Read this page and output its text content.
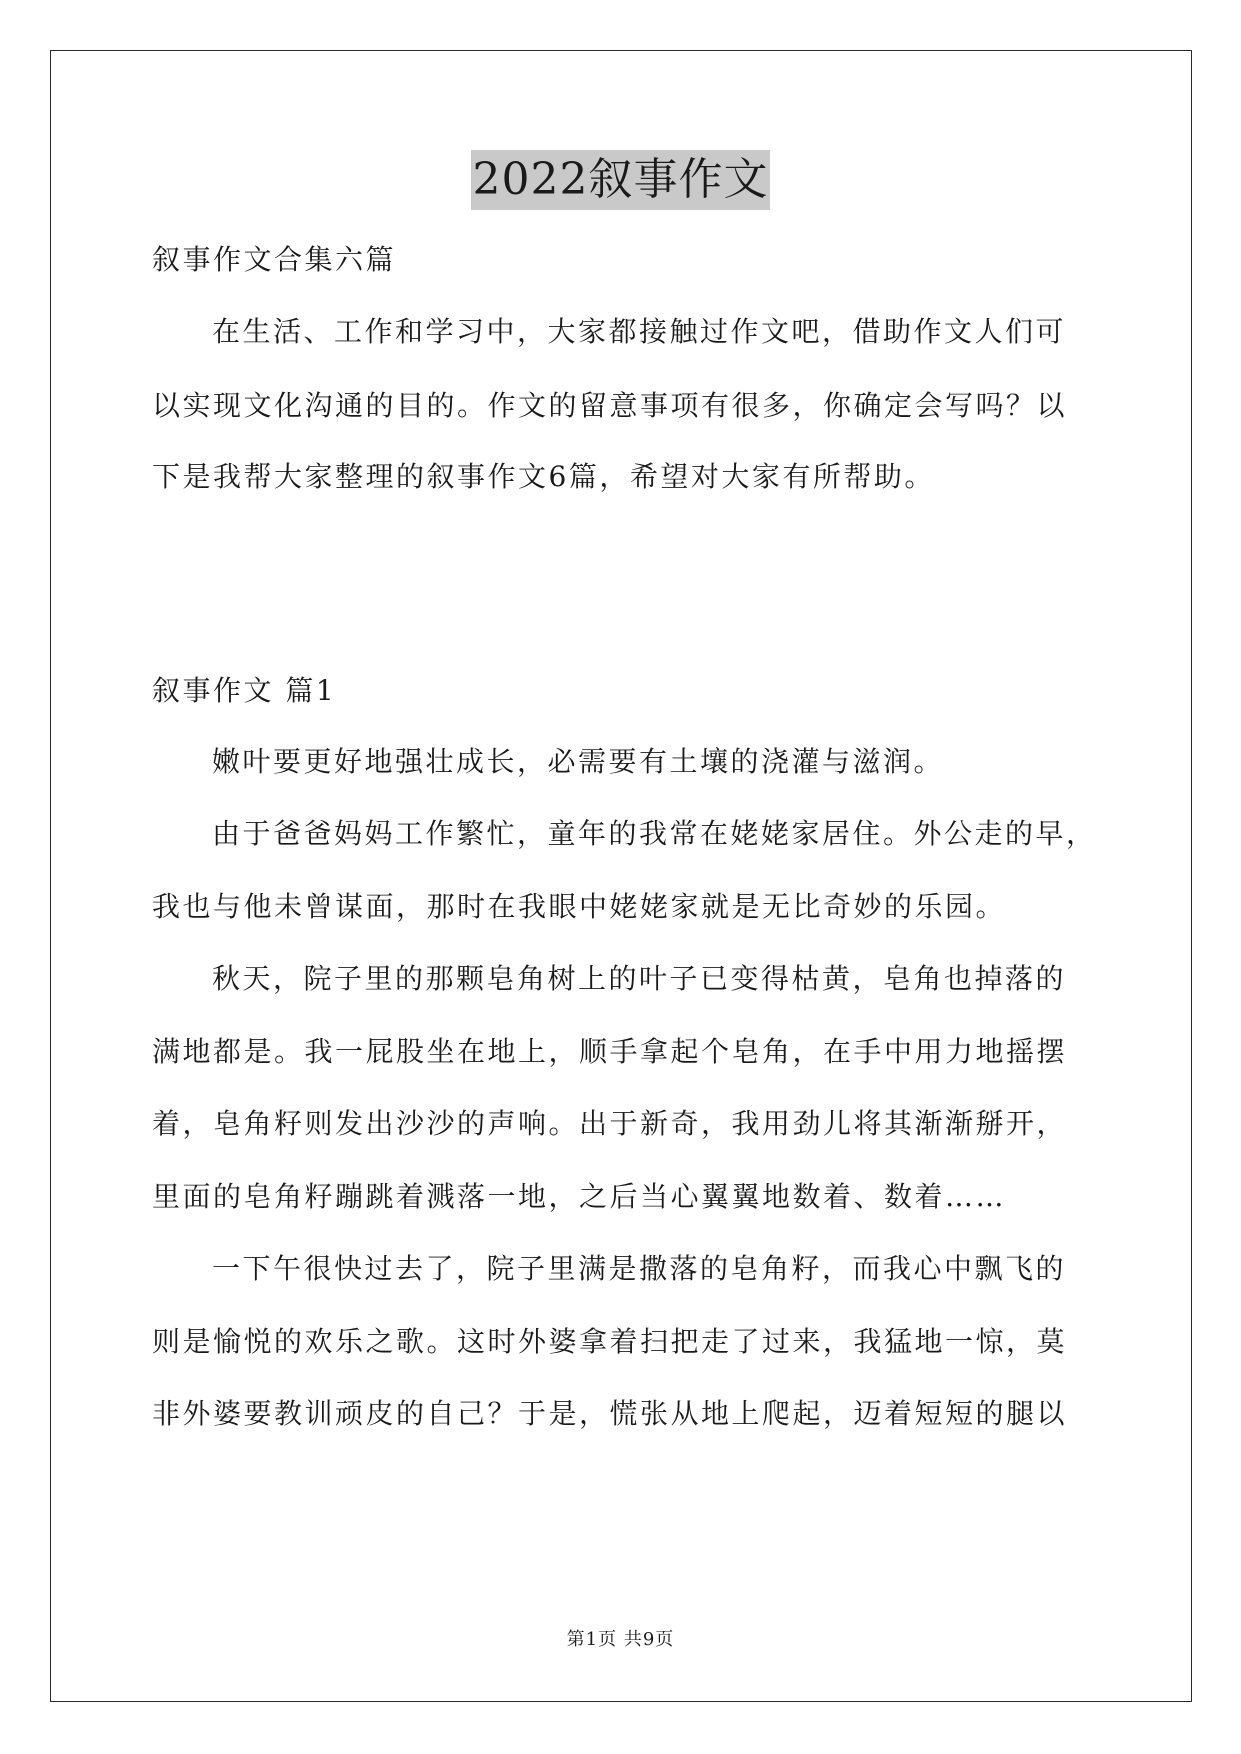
2022叙事作文
叙事作文合集六篇
在生活、工作和学习中，大家都接触过作文吧，借助作文人们可
以实现文化沟通的目的。作文的留意事项有很多，你确定会写吗？以
下是我帮大家整理的叙事作文6篇，希望对大家有所帮助。
叙事作文 篇1
嫩叶要更好地强壮成长，必需要有土壤的浇灌与滋润。
由于爸爸妈妈工作繁忙，童年的我常在姥姥家居住。外公走的早，
我也与他未曾谋面，那时在我眼中姥姥家就是无比奇妙的乐园。
秋天，院子里的那颗皂角树上的叶子已变得枯黄，皂角也掉落的
满地都是。我一屁股坐在地上，顺手拿起个皂角，在手中用力地摇摆
着，皂角籽则发出沙沙的声响。出于新奇，我用劲儿将其渐渐掰开，
里面的皂角籽蹦跳着溅落一地，之后当心翼翼地数着、数着……
一下午很快过去了，院子里满是撒落的皂角籽，而我心中飘飞的
则是愉悦的欢乐之歌。这时外婆拿着扫把走了过来，我猛地一惊，莫
非外婆要教训顽皮的自己？于是，慌张从地上爬起，迈着短短的腿以
第1页 共9页
